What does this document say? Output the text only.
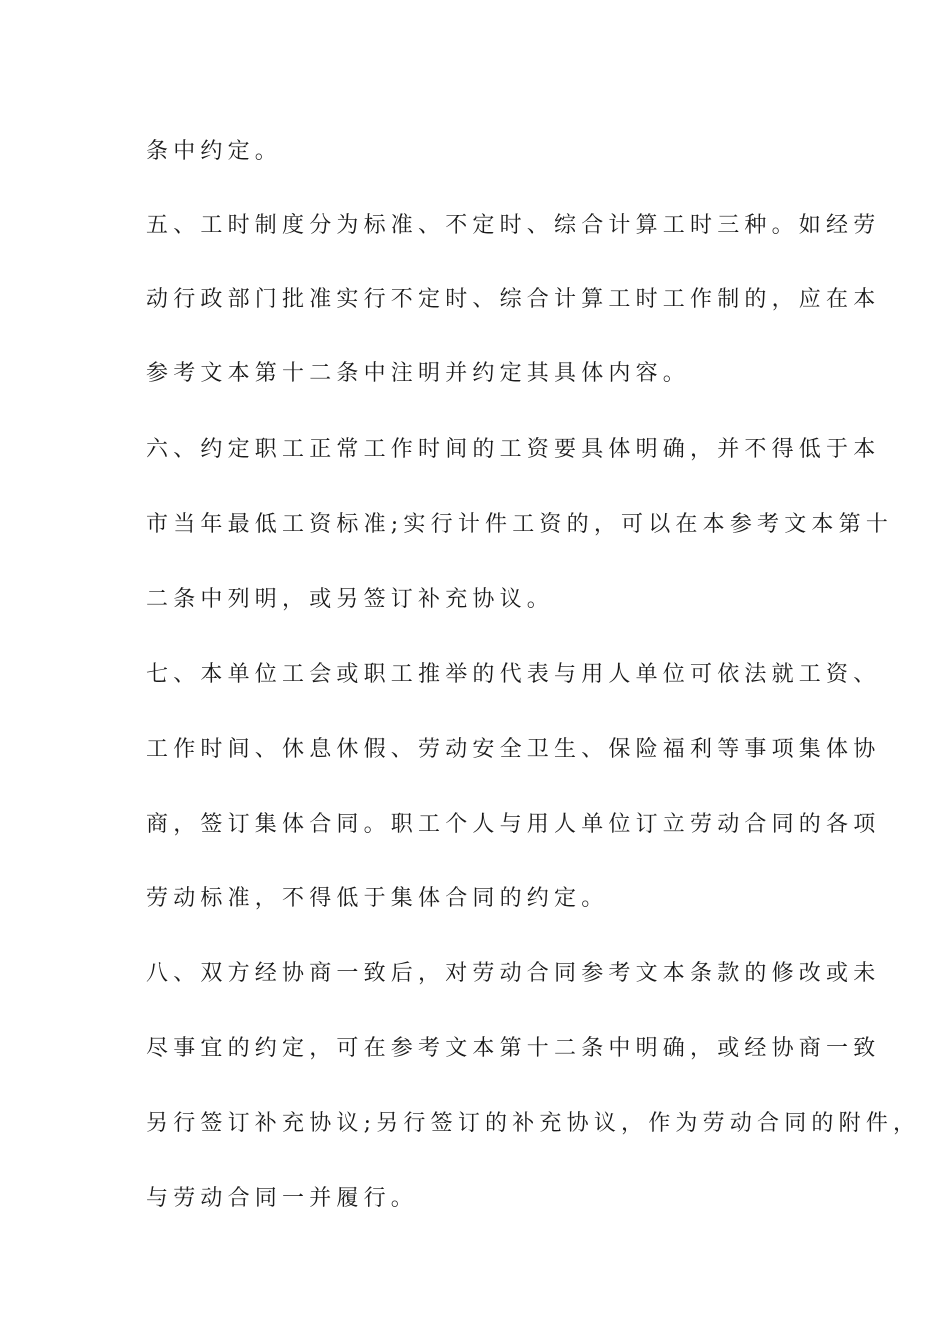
条中约定。
五、工时制度分为标准、不定时、综合计算工时三种。如经劳
动行政部门批准实行不定时、综合计算工时工作制的，应在本
参考文本第十二条中注明并约定其具体内容。
六、约定职工正常工作时间的工资要具体明确，并不得低于本
市当年最低工资标准;实行计件工资的，可以在本参考文本第十
二条中列明，或另签订补充协议。
七、本单位工会或职工推举的代表与用人单位可依法就工资、
工作时间、休息休假、劳动安全卫生、保险福利等事项集体协
商，签订集体合同。职工个人与用人单位订立劳动合同的各项
劳动标准，不得低于集体合同的约定。
八、双方经协商一致后，对劳动合同参考文本条款的修改或未
尽事宜的约定，可在参考文本第十二条中明确，或经协商一致
另行签订补充协议;另行签订的补充协议，作为劳动合同的附件，
与劳动合同一并履行。
